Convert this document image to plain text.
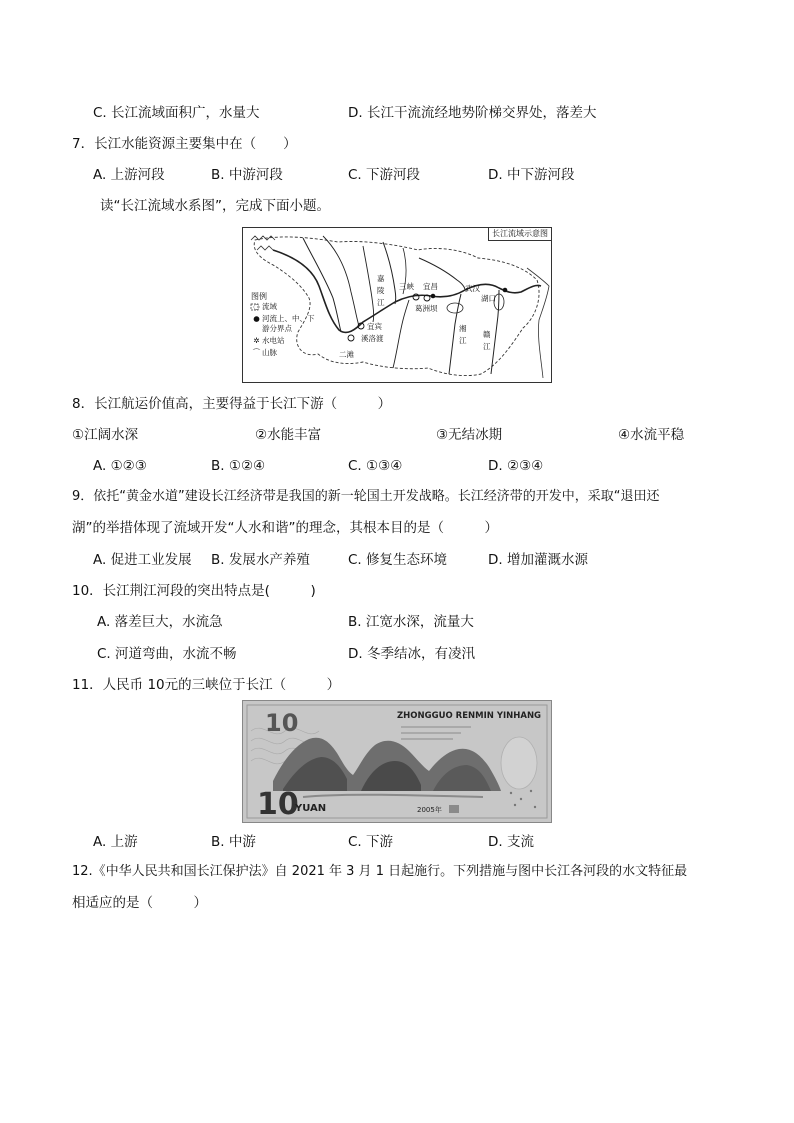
C. 长江流域面积广，水量大	D. 长江干流流经地势阶梯交界处，落差大
7．长江水能资源主要集中在（　　）
A. 上游河段	B. 中游河段	C. 下游河段	D. 中下游河段
读“长江流域水系图”，完成下面小题。
长江流域示意图
图例
◌ 流域
● 河流上、中、下
游分界点
✲ 水电站
⌒ 山脉
嘉
陵
江
三峡 宜昌
葛洲坝
武汉
湖口
宜宾
溪洛渡
二滩
湘
江
赣
江
8．长江航运价值高，主要得益于长江下游（　　　）
①江阔水深	②水能丰富	③无结冰期	④水流平稳
A. ①②③	B. ①②④	C. ①③④	D. ②③④
9．依托“黄金水道”建设长江经济带是我国的新一轮国土开发战略。长江经济带的开发中，采取“退田还
湖”的举措体现了流域开发“人水和谐”的理念，其根本目的是（　　　）
A. 促进工业发展 B. 发展水产养殖	C. 修复生态环境	D. 增加灌溉水源
10．长江荆江河段的突出特点是(　　　)
A. 落差巨大，水流急	B. 江宽水深，流量大
C. 河道弯曲，水流不畅	D. 冬季结冰，有凌汛
11．人民币 10元的三峡位于长江（　　　）
10	ZHONGGUO RENMIN YINHANG
10
YUAN	2005年
A. 上游	B. 中游	C. 下游	D. 支流
12.《中华人民共和国长江保护法》自 2021 年 3 月 1 日起施行。下列措施与图中长江各河段的水文特征最
相适应的是（　　　）
